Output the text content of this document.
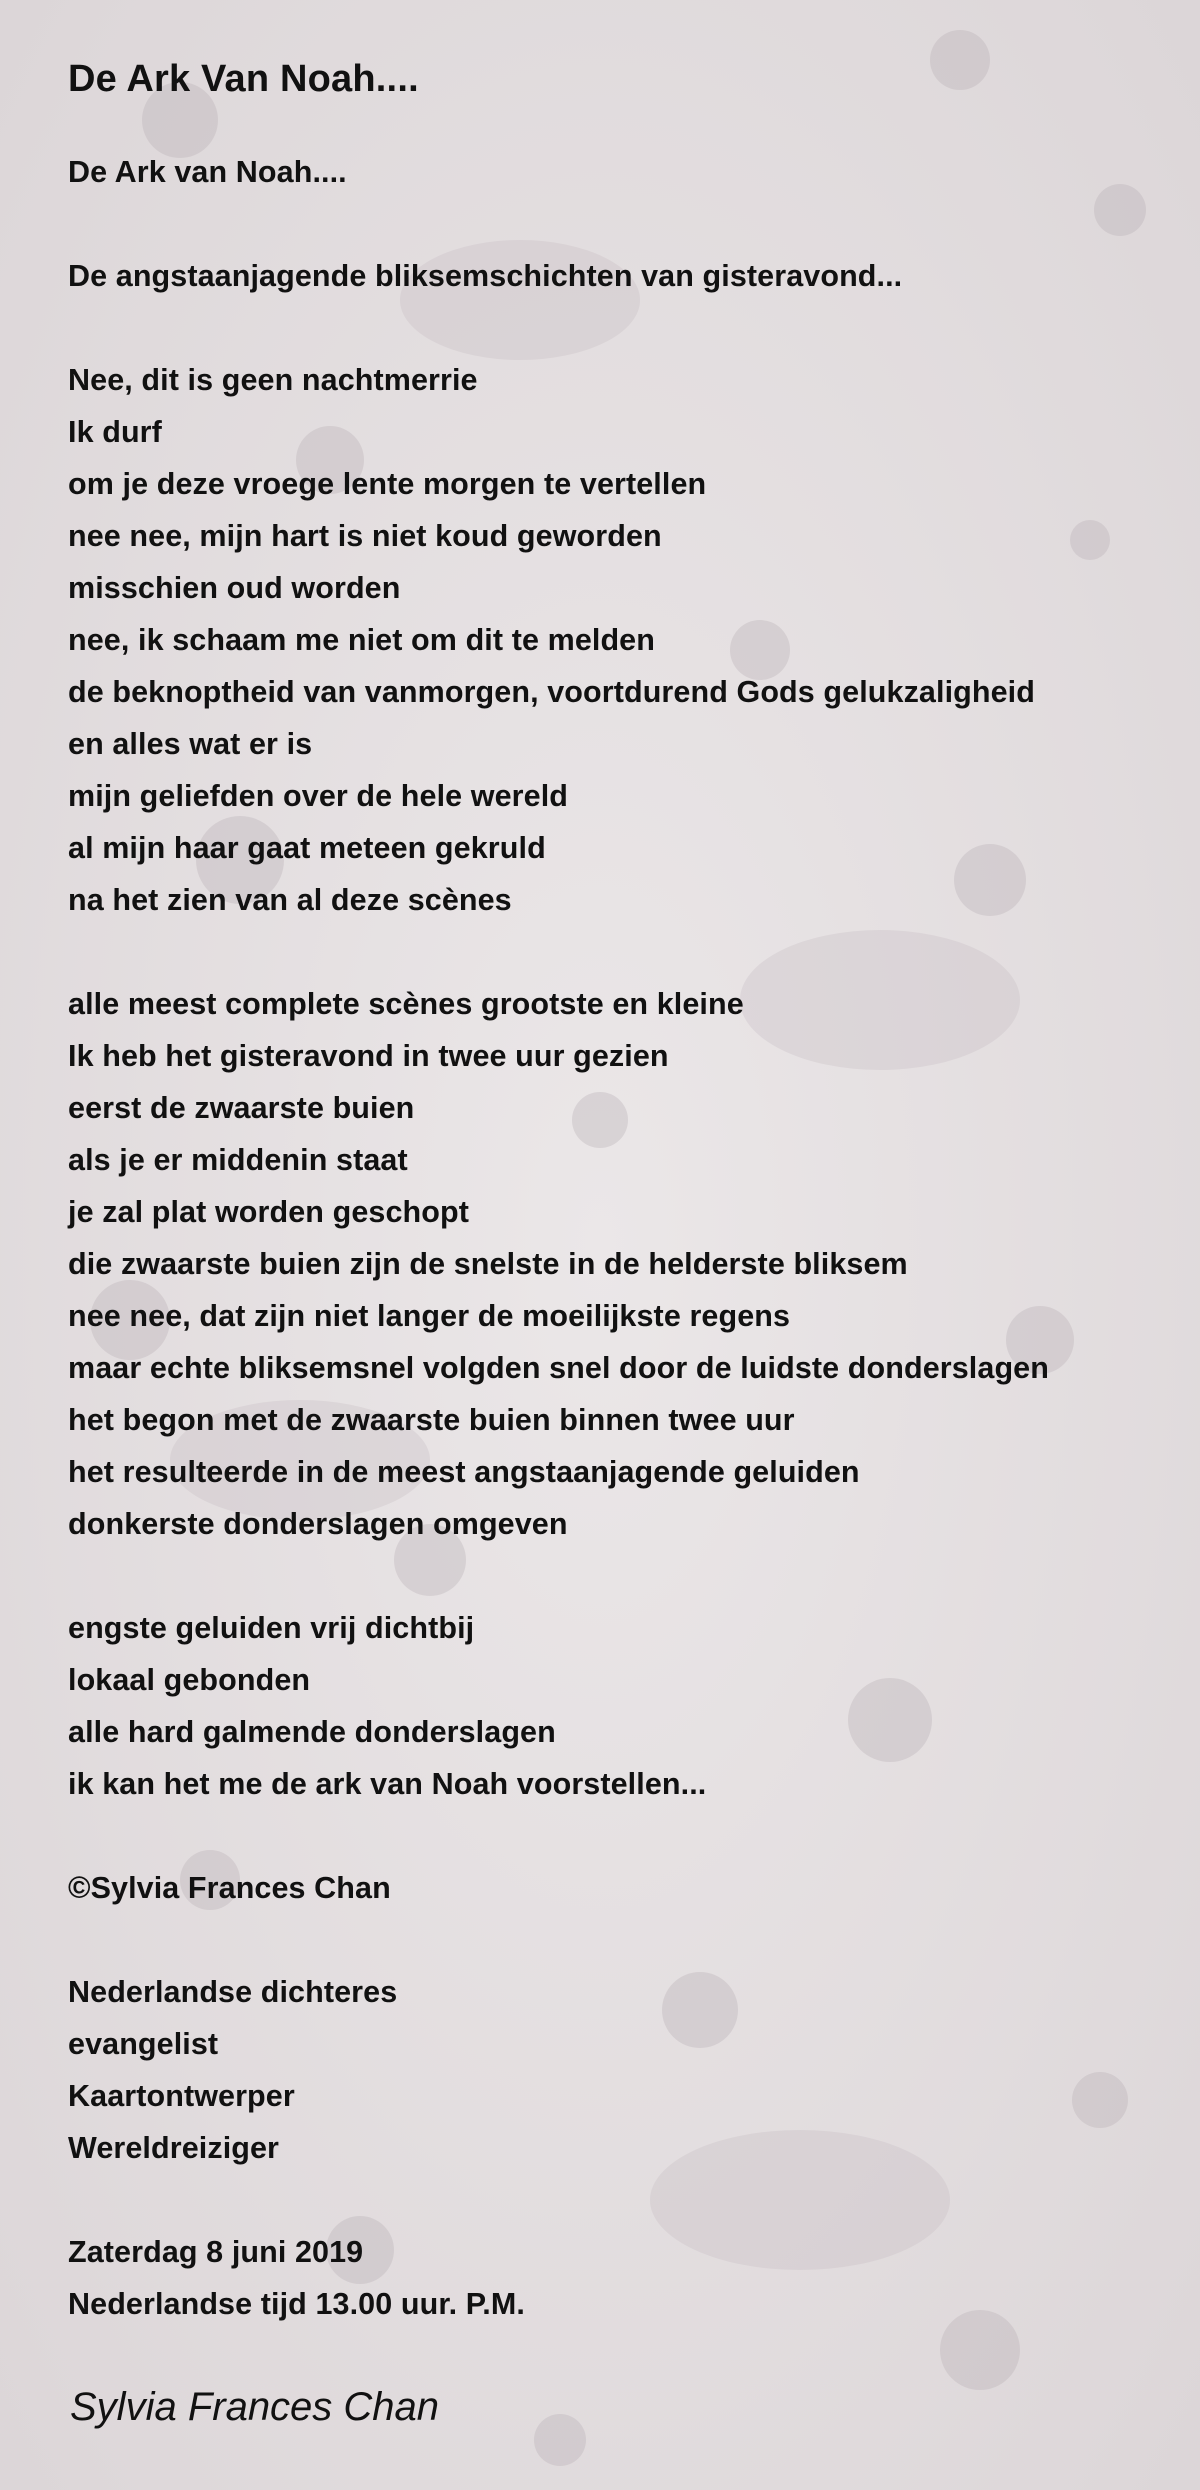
De Ark Van Noah....
De Ark van Noah....
De angstaanjagende bliksemschichten van gisteravond...
Nee, dit is geen nachtmerrie
Ik durf
om je deze vroege lente morgen te vertellen
nee nee, mijn hart is niet koud geworden
misschien oud worden
nee, ik schaam me niet om dit te melden
de beknoptheid van vanmorgen, voortdurend Gods gelukzaligheid
en alles wat er is
mijn geliefden over de hele wereld
al mijn haar gaat meteen gekruld
na het zien van al deze scènes
alle meest complete scènes grootste en kleine
Ik heb het gisteravond in twee uur gezien
eerst de zwaarste buien
als je er middenin staat
je zal plat worden geschopt
die zwaarste buien zijn de snelste in de helderste bliksem
nee nee, dat zijn niet langer de moeilijkste regens
maar echte bliksemsnel volgden snel door de luidste donderslagen
het begon met de zwaarste buien binnen twee uur
het resulteerde in de meest angstaanjagende geluiden
donkerste donderslagen omgeven
engste geluiden vrij dichtbij
lokaal gebonden
alle hard galmende donderslagen
ik kan het me de ark van Noah voorstellen...
©Sylvia Frances Chan
Nederlandse dichteres
evangelist
Kaartontwerper
Wereldreiziger
Zaterdag 8 juni 2019
Nederlandse tijd 13.00 uur. P.M.
Sylvia Frances Chan
